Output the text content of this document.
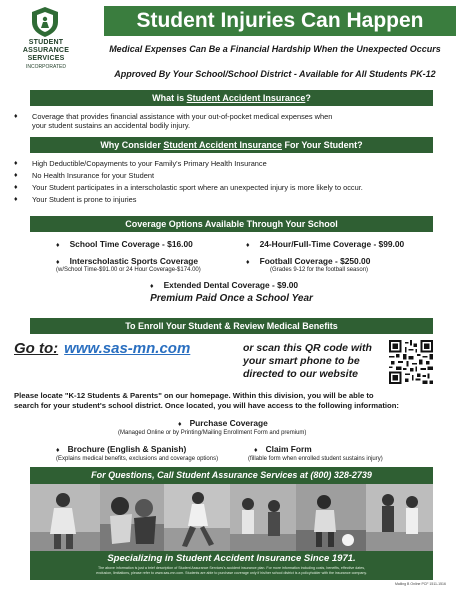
STUDENT
ASSURANCE
SERVICES
INCORPORATED
Student Injuries Can Happen
Medical Expenses Can Be a Financial Hardship When the Unexpected Occurs
Approved By Your School/School District - Available for All Students PK-12
What is Student Accident Insurance?
♦ Coverage that provides financial assistance with your out-of-pocket medical expenses when
your student sustains an accidental bodily injury.
Why Consider Student Accident Insurance For Your Student?
♦ High Deductible/Copayments to your Family's Primary Health Insurance
♦ No Health Insurance for your Student
♦ Your Student participates in a interscholastic sport where an unexpected injury is more likely to occur.
♦ Your Student is prone to injuries
Coverage Options Available Through Your School
♦ School Time Coverage - $16.00	♦ 24-Hour/Full-Time Coverage - $99.00
♦ Interscholastic Sports Coverage
(w/School Time-$91.00 or 24 Hour Coverage-$174.00)
♦ Football Coverage - $250.00
(Grades 9-12 for the football season)
♦ Extended Dental Coverage - $9.00
Premium Paid Once a School Year
To Enroll Your Student & Review Medical Benefits
Go to: www.sas-mn.com	or scan this QR code with
your smart phone to be
directed to our website
Please locate "K-12 Students & Parents" on our homepage. Within this division, you will be able to
search for your student's school district. Once located, you will have access to the following information:
♦ Purchase Coverage
(Managed Online or by Printing/Mailing Enrollment Form and premium)
♦ Brochure (English & Spanish)
(Explains medical benefits, exclusions and coverage options)
♦ Claim Form
(fillable form when enrolled student sustains injury)
For Questions, Call Student Assurance Services at (800) 328-2739
Specializing in Student Accident Insurance Since 1971.
The above information is just a brief description of Student Assurance Services's accident insurance plan. For more information including costs, benefits, effective dates,
exclusion, limitations, please refer to www.sas-mn.com. Students are able to purchase coverage only if his/her school district is a policyholder with the insurance company.
Mailing B Online PCF 1511-1516
